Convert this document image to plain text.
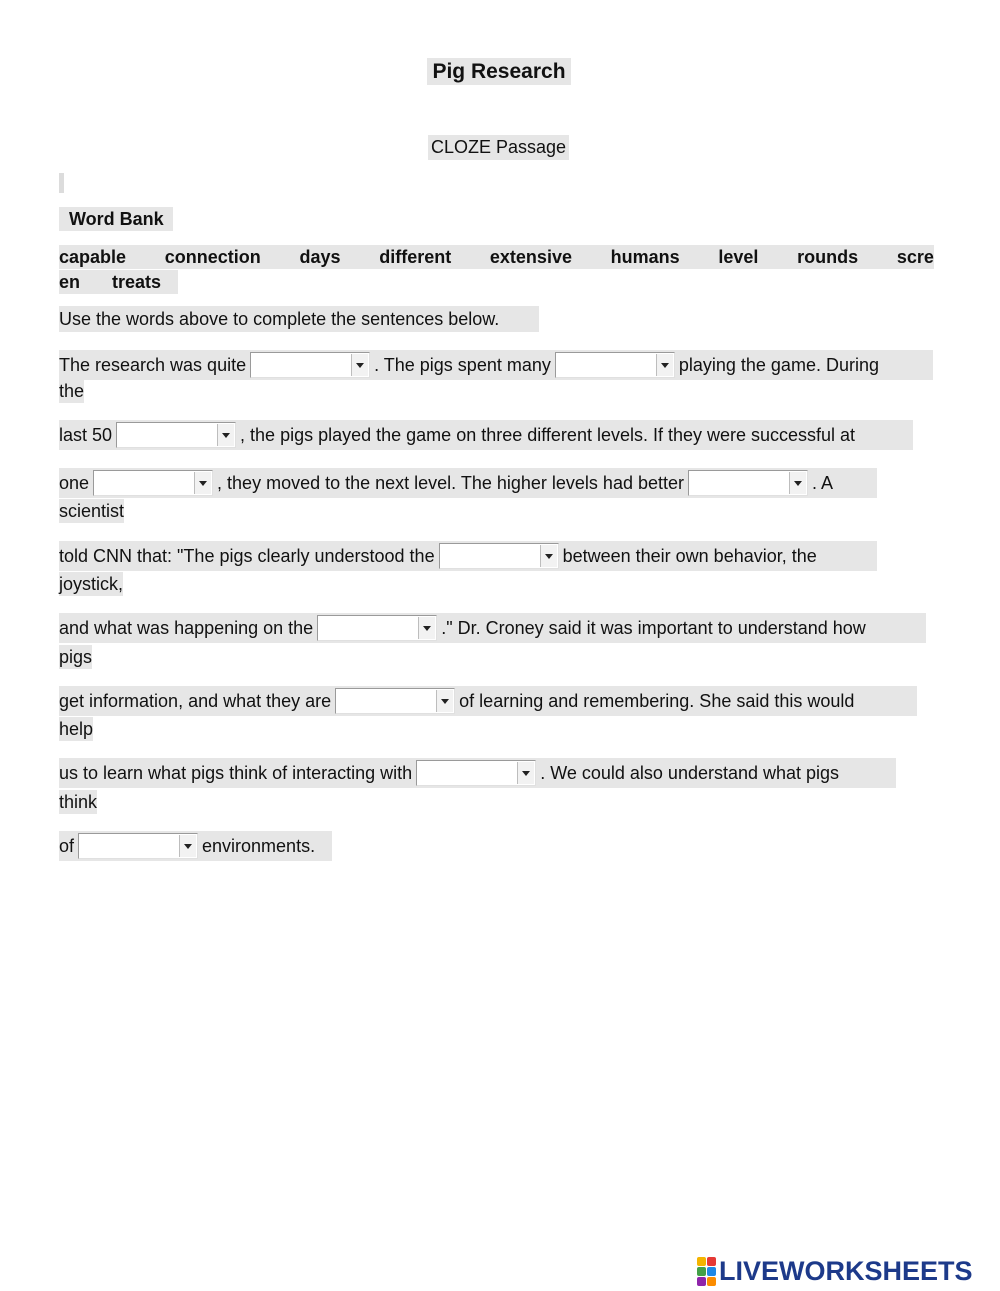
Pig Research
CLOZE Passage
Word Bank
capable connection days different extensive humans level rounds scre
en treats
Use the words above to complete the sentences below.
The research was quite	. The pigs spent many	playing the game. During
the
last 50	, the pigs played the game on three different levels. If they were successful at
one	, they moved to the next level. The higher levels had better	. A
scientist
told CNN that: "The pigs clearly understood the	between their own behavior, the
joystick,
and what was happening on the	." Dr. Croney said it was important to understand how
pigs
get information, and what they are	of learning and remembering. She said this would
help
us to learn what pigs think of interacting with	. We could also understand what pigs
think
of	environments.
LIVEWORKSHEETS
